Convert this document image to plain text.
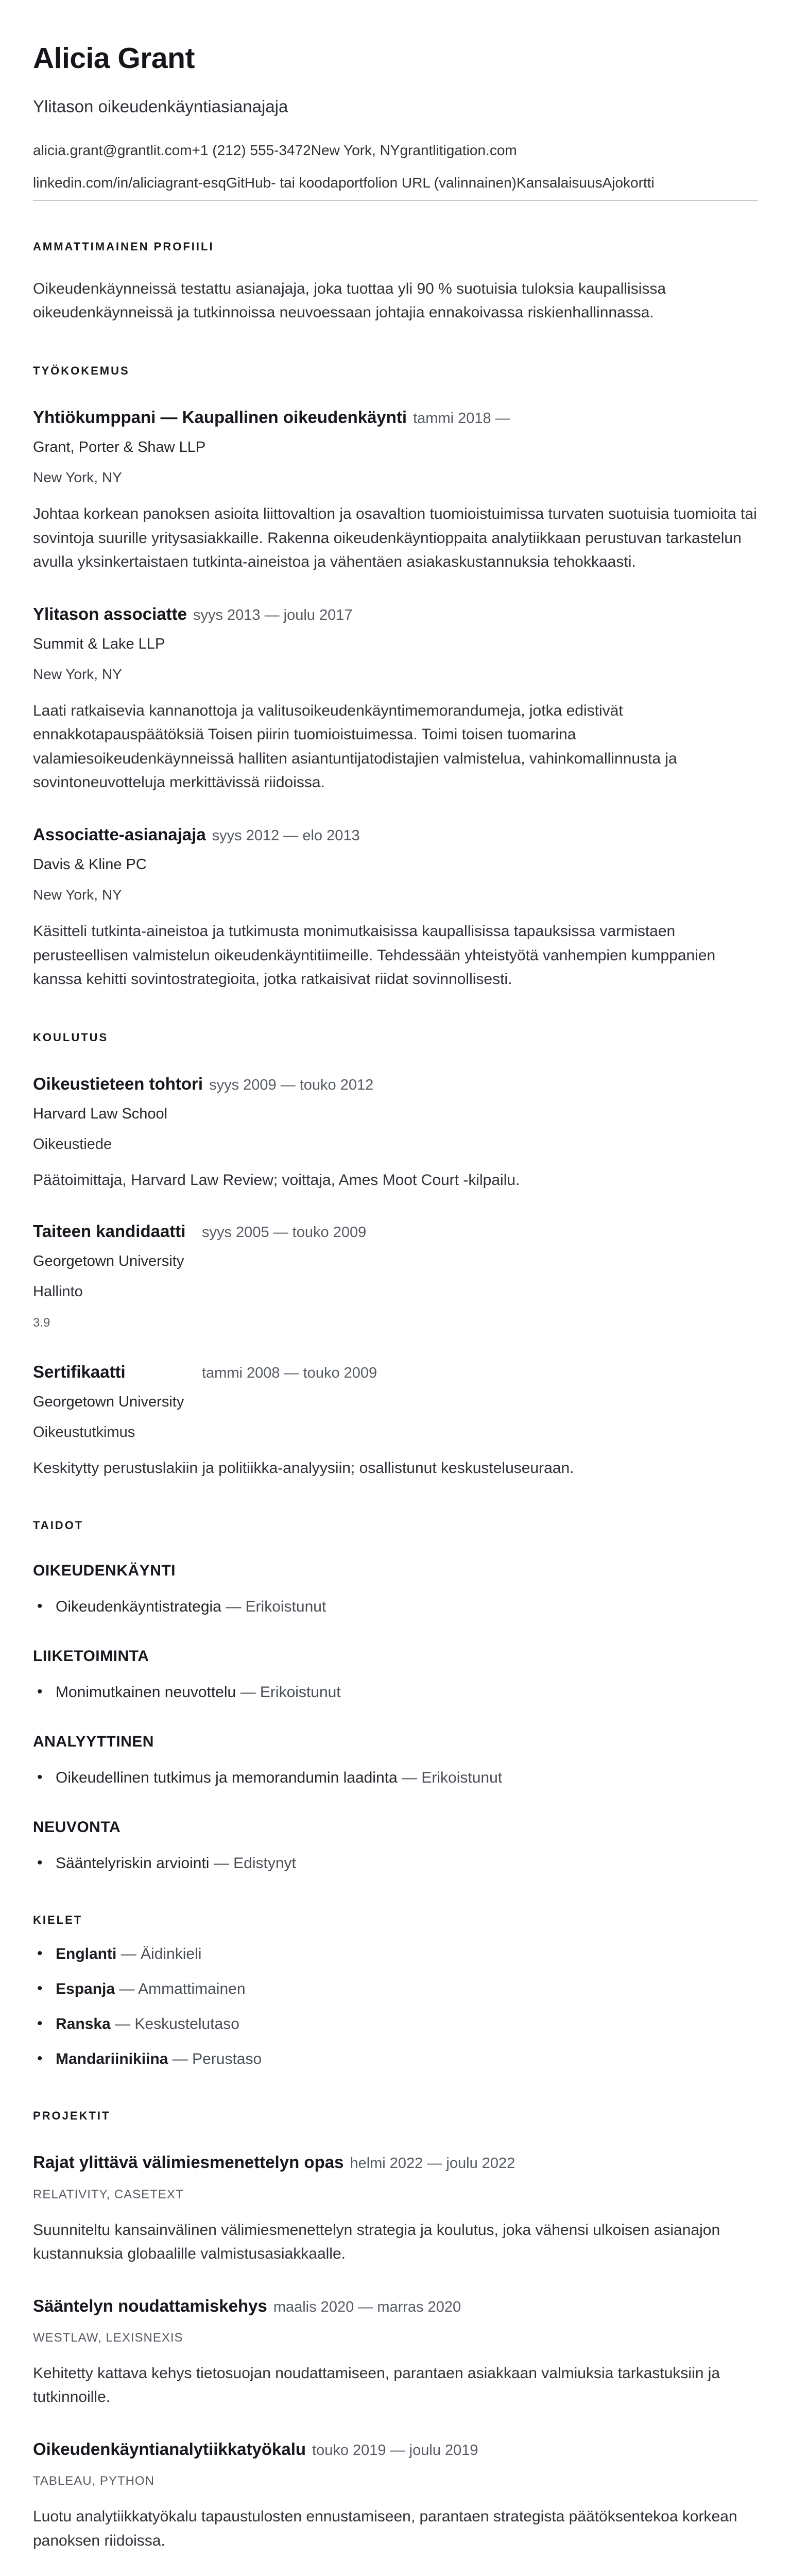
Alicia Grant
Ylitason oikeudenkäyntiasianajaja
alicia.grant@grantlit.com+1 (212) 555-3472New York, NYgrantlitigation.com
linkedin.com/in/aliciagrant-esqGitHub- tai koodaportfolion URL (valinnainen)KansalaisuusAjokortti
AMMATTIMAINEN PROFIILI

Oikeudenkäynneissä testattu asianajaja, joka tuottaa yli 90 % suotuisia tuloksia kaupallisissa oikeudenkäynneissä ja tutkinnoissa neuvoessaan johtajia ennakoivassa riskienhallinnassa.

TYÖKOKEMUS
Yhtiökumppani — Kaupallinen oikeudenkäynti tammi 2018 —
Grant, Porter & Shaw LLP
New York, NY

Johtaa korkean panoksen asioita liittovaltion ja osavaltion tuomioistuimissa turvaten suotuisia tuomioita tai sovintoja suurille yritysasiakkaille. Rakenna oikeudenkäyntioppaita analytiikkaan perustuvan tarkastelun avulla yksinkertaistaen tutkinta-aineistoa ja vähentäen asiakaskustannuksia tehokkaasti.

Ylitason associatte syys 2013 — joulu 2017
Summit & Lake LLP
New York, NY

Laati ratkaisevia kannanottoja ja valitusoikeudenkäyntimemorandumeja, jotka edistivät ennakkotapauspäätöksiä Toisen piirin tuomioistuimessa. Toimi toisen tuomarina valamiesoikeudenkäynneissä halliten asiantuntijatodistajien valmistelua, vahinkomallinnusta ja sovintoneuvotteluja merkittävissä riidoissa.

Associatte-asianajaja syys 2012 — elo 2013
Davis & Kline PC
New York, NY

Käsitteli tutkinta-aineistoa ja tutkimusta monimutkaisissa kaupallisissa tapauksissa varmistaen perusteellisen valmistelun oikeudenkäyntitiimeille. Tehdessään yhteistyötä vanhempien kumppanien kanssa kehitti sovintostrategioita, jotka ratkaisivat riidat sovinnollisesti.

KOULUTUS
Oikeustieteen tohtori syys 2009 — touko 2012
Harvard Law School
Oikeustiede
Päätoimittaja, Harvard Law Review; voittaja, Ames Moot Court -kilpailu.
Taiteen kandidaatti syys 2005 — touko 2009
Georgetown University
Hallinto
3.9
Sertifikaatti	tammi 2008 — touko 2009
Georgetown University
Oikeustutkimus
Keskitytty perustuslakiin ja politiikka-analyysiin; osallistunut keskusteluseuraan.
TAIDOT
OIKEUDENKÄYNTI
• Oikeudenkäyntistrategia — Erikoistunut
LIIKETOIMINTA
• Monimutkainen neuvottelu — Erikoistunut
ANALYYTTINEN
• Oikeudellinen tutkimus ja memorandumin laadinta — Erikoistunut
NEUVONTA
• Sääntelyriskin arviointi — Edistynyt
KIELET
• Englanti — Äidinkieli
• Espanja — Ammattimainen
• Ranska — Keskustelutaso
• Mandariinikiina — Perustaso
PROJEKTIT
Rajat ylittävä välimiesmenettelyn opas helmi 2022 — joulu 2022
RELATIVITY, CASETEXT

Suunniteltu kansainvälinen välimiesmenettelyn strategia ja koulutus, joka vähensi ulkoisen asianajon kustannuksia globaalille valmistusasiakkaalle.

Sääntelyn noudattamiskehys maalis 2020 — marras 2020
WESTLAW, LEXISNEXIS

Kehitetty kattava kehys tietosuojan noudattamiseen, parantaen asiakkaan valmiuksia tarkastuksiin ja tutkinnoille.

Oikeudenkäyntianalytiikkatyökalu touko 2019 — joulu 2019
TABLEAU, PYTHON

Luotu analytiikkatyökalu tapaustulosten ennustamiseen, parantaen strategista päätöksentekoa korkean panoksen riidoissa.
